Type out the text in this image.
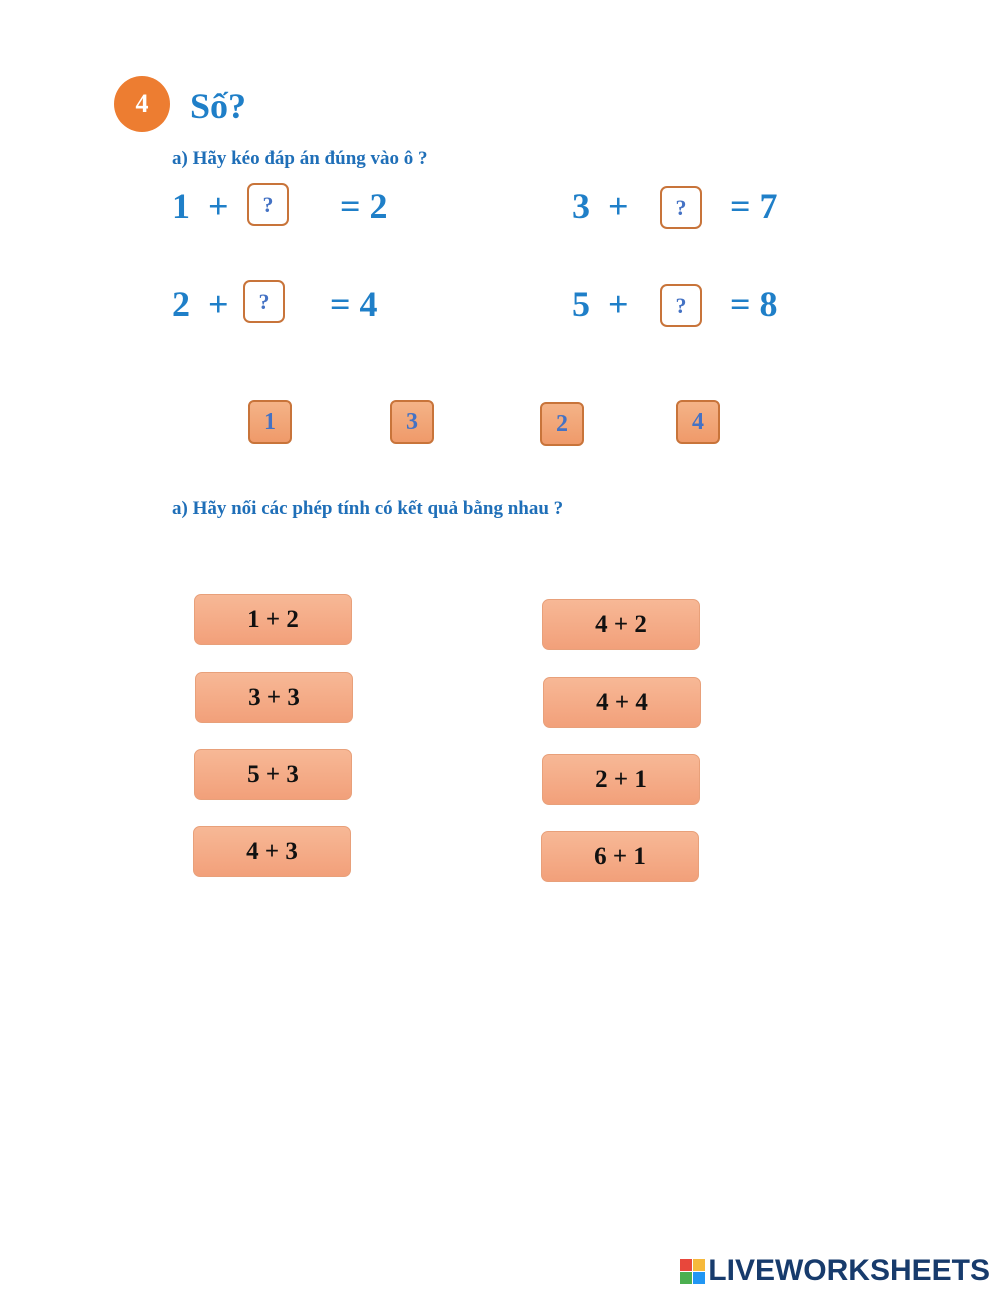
4	Số?
a) Hãy kéo đáp án đúng vào ô ?
1  +	?	= 2	3  +	?	= 7
2  +	?	= 4	5  +	?	= 8
1	3	2	4
a) Hãy nối các phép tính có kết quả bằng nhau ?
1 + 2
3 + 3
5 + 3
4 + 3
4 + 2
4 + 4
2 + 1
6 + 1
LIVEWORKSHEETS
